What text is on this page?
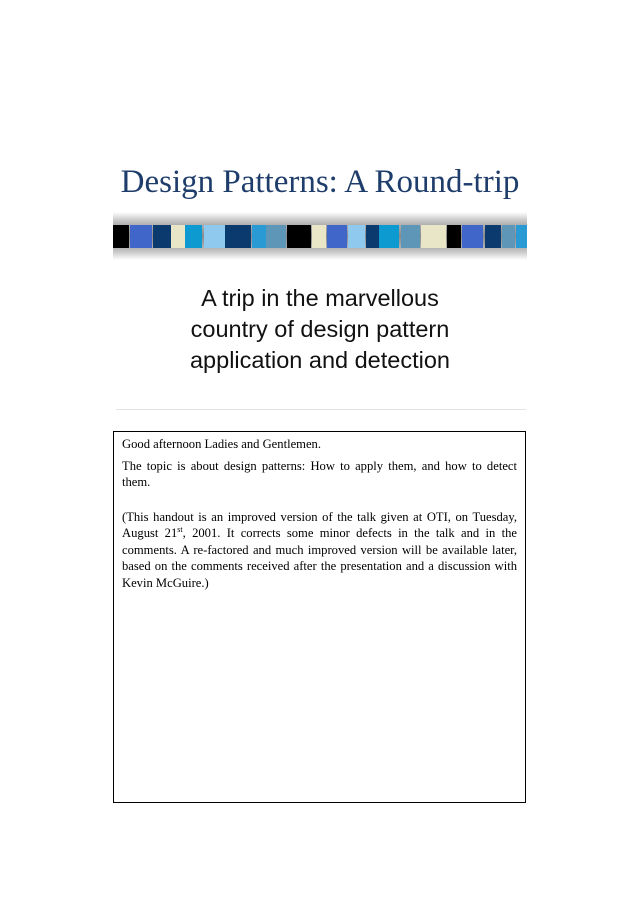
Design Patterns: A Round-trip
A trip in the marvellous
country of design pattern
application and detection

Good afternoon Ladies and Gentlemen.

The topic is about design patterns: How to apply them, and how to detect them.

(This handout is an improved version of the talk given at OTI, on Tuesday, August 21st, 2001. It corrects some minor defects in the talk and in the comments. A re-factored and much improved version will be available later, based on the comments received after the presentation and a discussion with Kevin McGuire.)
